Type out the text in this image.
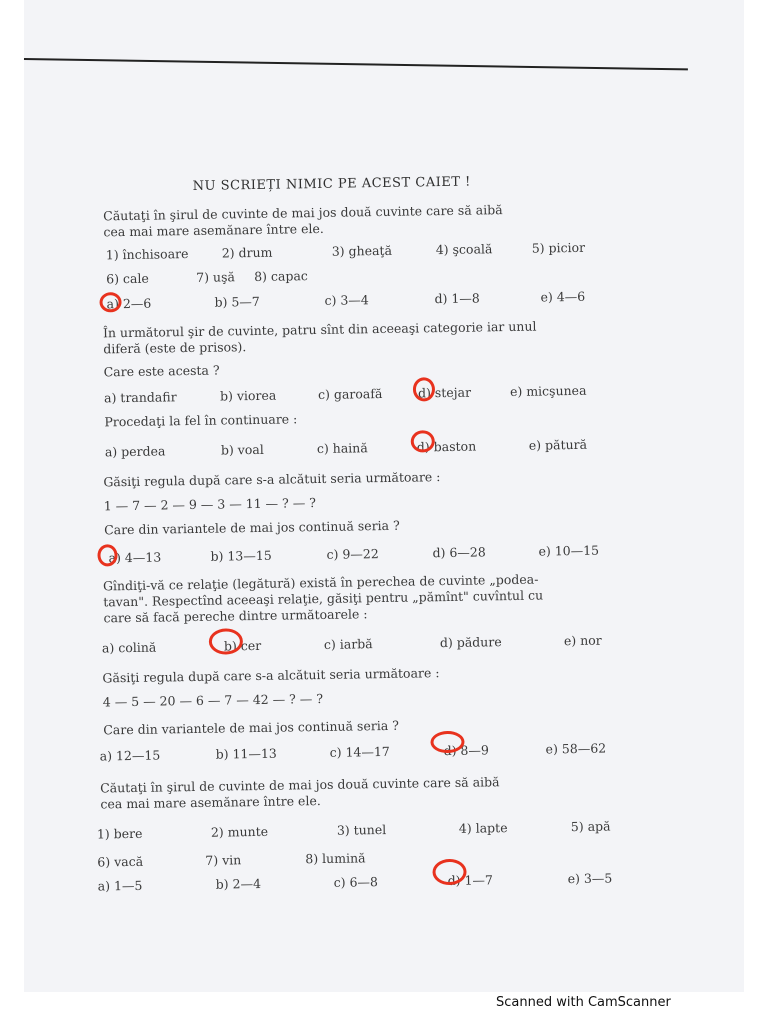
NU SCRIEȚI NIMIC PE ACEST CAIET !
Căutaţi în şirul de cuvinte de mai jos două cuvinte care să aibă
cea mai mare asemănare între ele.
1) închisoare	2) drum	3) gheaţă	4) şcoală	5) picior
6) cale	7) uşă 8) capac
a) 2—6	b) 5—7	c) 3—4	d) 1—8	e) 4—6
În următorul şir de cuvinte, patru sînt din aceeaşi categorie iar unul
diferă (este de prisos).
Care este acesta ?
a) trandafir	b) viorea	c) garoafă	d) stejar	e) micşunea
Procedaţi la fel în continuare :
a) perdea	b) voal	c) haină	d) baston	e) pătură
Găsiţi regula după care s-a alcătuit seria următoare :
1 — 7 — 2 — 9 — 3 — 11 — ? — ?
Care din variantele de mai jos continuă seria ?
a) 4—13	b) 13—15	c) 9—22	d) 6—28	e) 10—15
Gîndiţi-vă ce relaţie (legătură) există în perechea de cuvinte „podea-
tavan". Respectînd aceeaşi relaţie, găsiţi pentru „pămînt" cuvîntul cu
care să facă pereche dintre următoarele :
a) colină	b) cer	c) iarbă	d) pădure	e) nor
Găsiţi regula după care s-a alcătuit seria următoare :
4 — 5 — 20 — 6 — 7 — 42 — ? — ?
Care din variantele de mai jos continuă seria ?
a) 12—15	b) 11—13	c) 14—17	d) 8—9	e) 58—62
Căutaţi în şirul de cuvinte de mai jos două cuvinte care să aibă
cea mai mare asemănare între ele.
1) bere	2) munte	3) tunel	4) lapte	5) apă
6) vacă	7) vin	8) lumină
a) 1—5	b) 2—4	c) 6—8	d) 1—7	e) 3—5
Scanned with CamScanner
